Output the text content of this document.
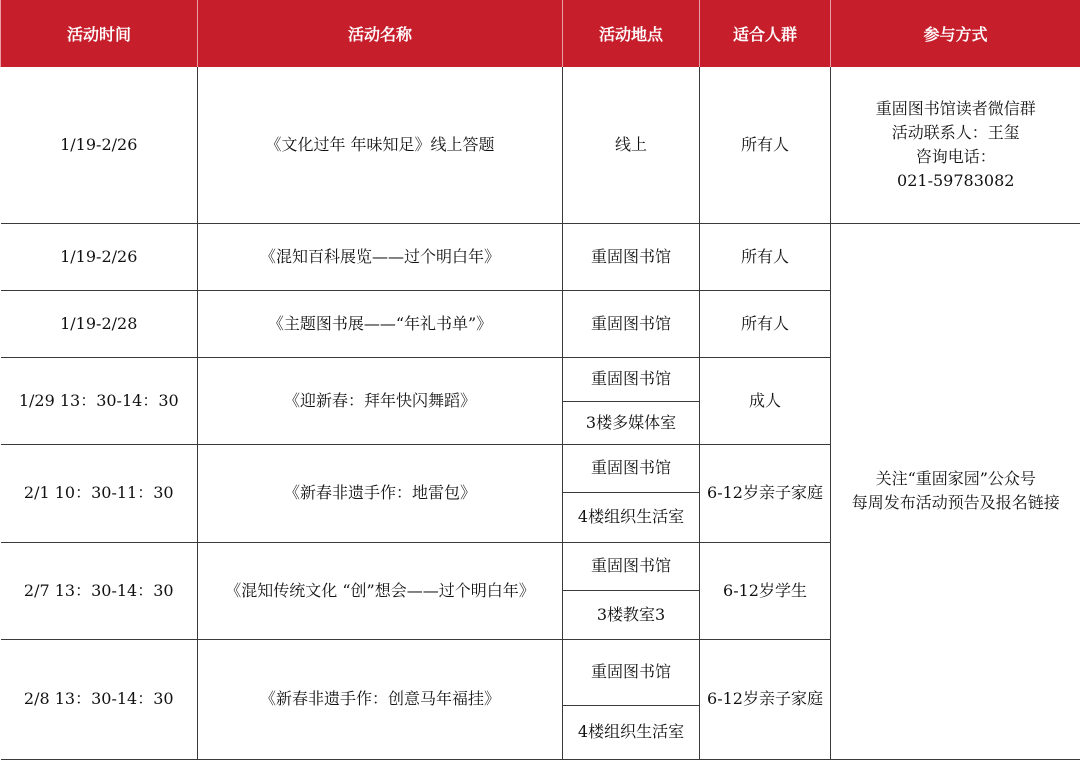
活动时间	活动名称	活动地点	适合人群	参与方式
1/19-2/26	《文化过年 年味知足》线上答题	线上	所有人	重固图书馆读者微信群
活动联系人：王玺
咨询电话：
021-59783082

1/19-2/26	《混知百科展览——过个明白年》	重固图书馆	所有人	关注“重固家园”公众号
每周发布活动预告及报名链接

1/19-2/28	《主题图书展——“年礼书单”》	重固图书馆	所有人	
1/29 13：30-14：30	《迎新春：拜年快闪舞蹈》	重固图书馆	成人	
		3楼多媒体室		
2/1 10：30-11：30	《新春非遗手作：地雷包》	重固图书馆	6-12岁亲子家庭	
		4楼组织生活室		
2/7 13：30-14：30	《混知传统文化 “创”想会——过个明白年》	重固图书馆	6-12岁学生	
		3楼教室3		
2/8 13：30-14：30	《新春非遗手作：创意马年福挂》	重固图书馆	6-12岁亲子家庭	
		4楼组织生活室		
